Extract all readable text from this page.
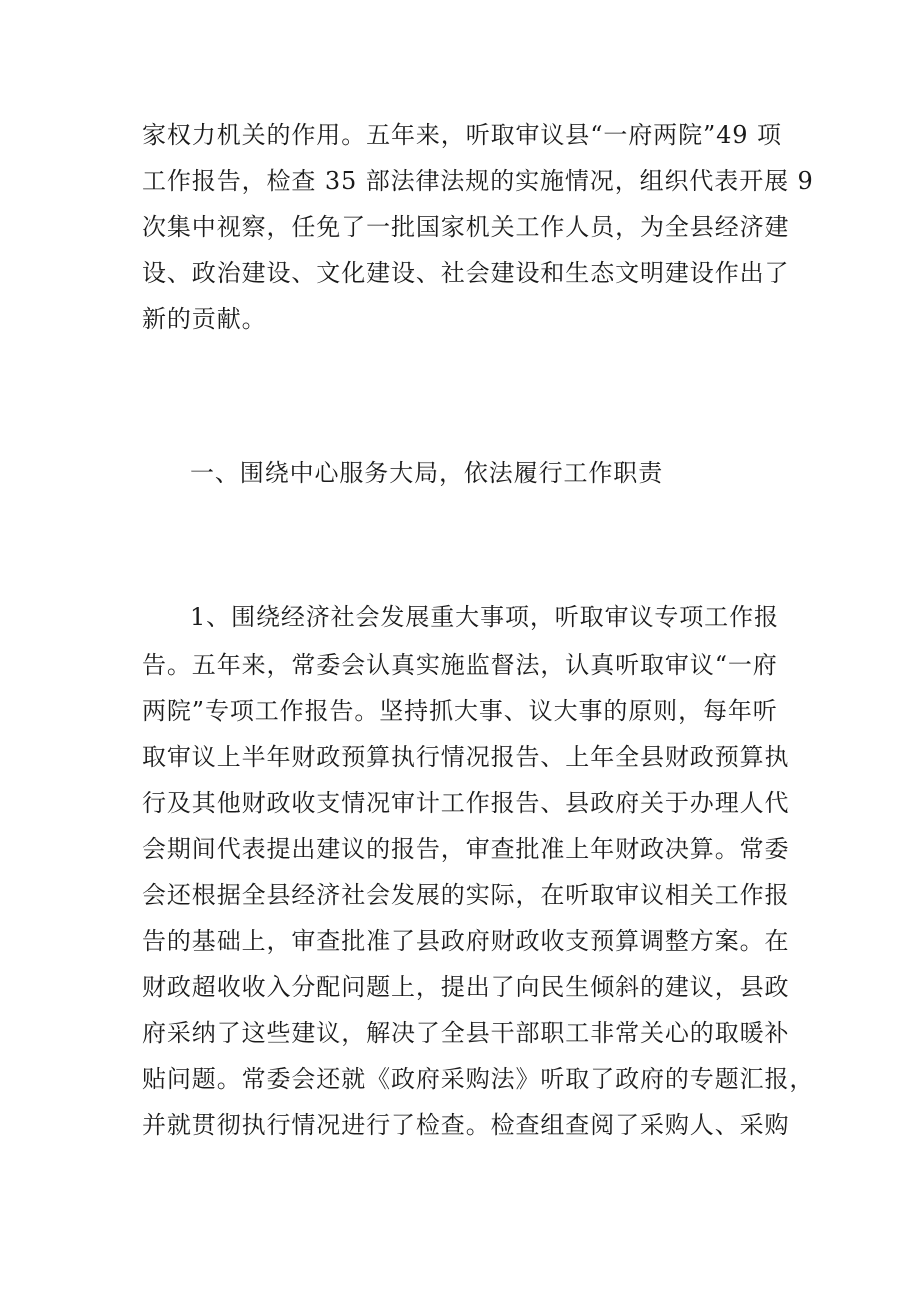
家权力机关的作用。五年来，听取审议县“一府两院”49 项
工作报告，检查 35 部法律法规的实施情况，组织代表开展 9
次集中视察，任免了一批国家机关工作人员，为全县经济建
设、政治建设、文化建设、社会建设和生态文明建设作出了
新的贡献。
一、围绕中心服务大局，依法履行工作职责
1、围绕经济社会发展重大事项，听取审议专项工作报
告。五年来，常委会认真实施监督法，认真听取审议“一府
两院”专项工作报告。坚持抓大事、议大事的原则，每年听
取审议上半年财政预算执行情况报告、上年全县财政预算执
行及其他财政收支情况审计工作报告、县政府关于办理人代
会期间代表提出建议的报告，审查批准上年财政决算。常委
会还根据全县经济社会发展的实际，在听取审议相关工作报
告的基础上，审查批准了县政府财政收支预算调整方案。在
财政超收收入分配问题上，提出了向民生倾斜的建议，县政
府采纳了这些建议，解决了全县干部职工非常关心的取暖补
贴问题。常委会还就《政府采购法》听取了政府的专题汇报，
并就贯彻执行情况进行了检查。检查组查阅了采购人、采购
